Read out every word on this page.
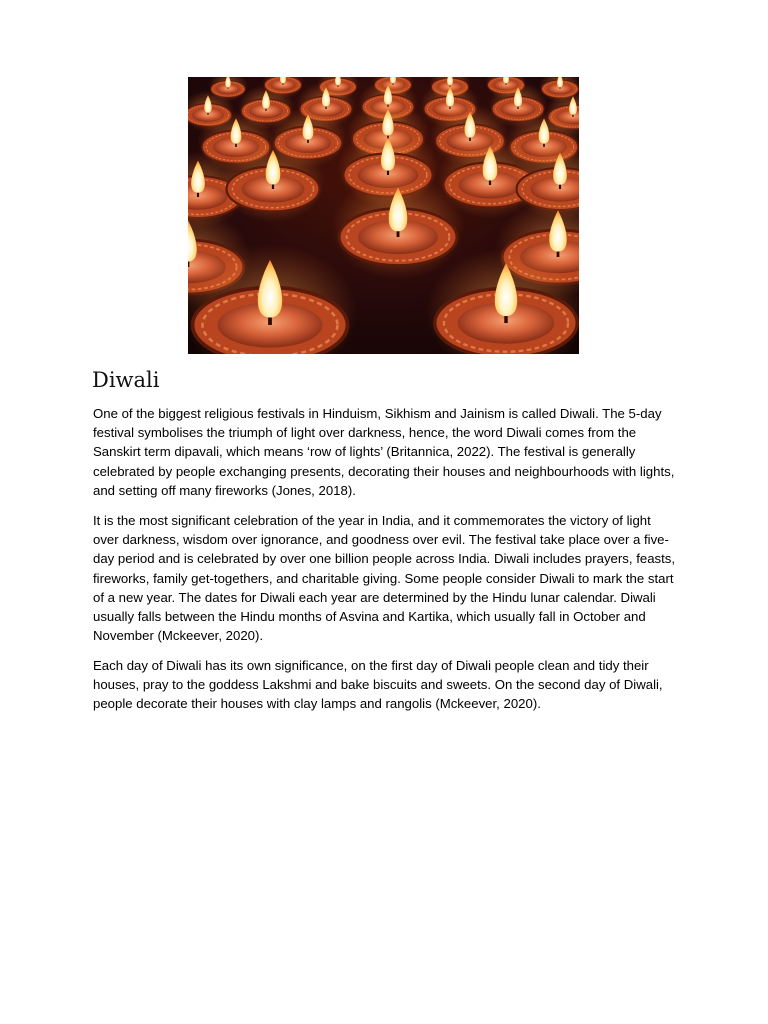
Diwali

One of the biggest religious festivals in Hinduism, Sikhism and Jainism is called Diwali. The 5-day festival symbolises the triumph of light over darkness, hence, the word Diwali comes from the Sanskirt term dipavali, which means ‘row of lights’ (Britannica, 2022). The festival is generally celebrated by people exchanging presents, decorating their houses and neighbourhoods with lights, and setting off many fireworks (Jones, 2018).

It is the most significant celebration of the year in India, and it commemorates the victory of light over darkness, wisdom over ignorance, and goodness over evil. The festival take place over a five-day period and is celebrated by over one billion people across India. Diwali includes prayers, feasts, fireworks, family get-togethers, and charitable giving. Some people consider Diwali to mark the start of a new year. The dates for Diwali each year are determined by the Hindu lunar calendar. Diwali usually falls between the Hindu months of Asvina and Kartika, which usually fall in October and November (Mckeever, 2020).

Each day of Diwali has its own significance, on the first day of Diwali people clean and tidy their houses, pray to the goddess Lakshmi and bake biscuits and sweets. On the second day of Diwali, people decorate their houses with clay lamps and rangolis (Mckeever, 2020).
